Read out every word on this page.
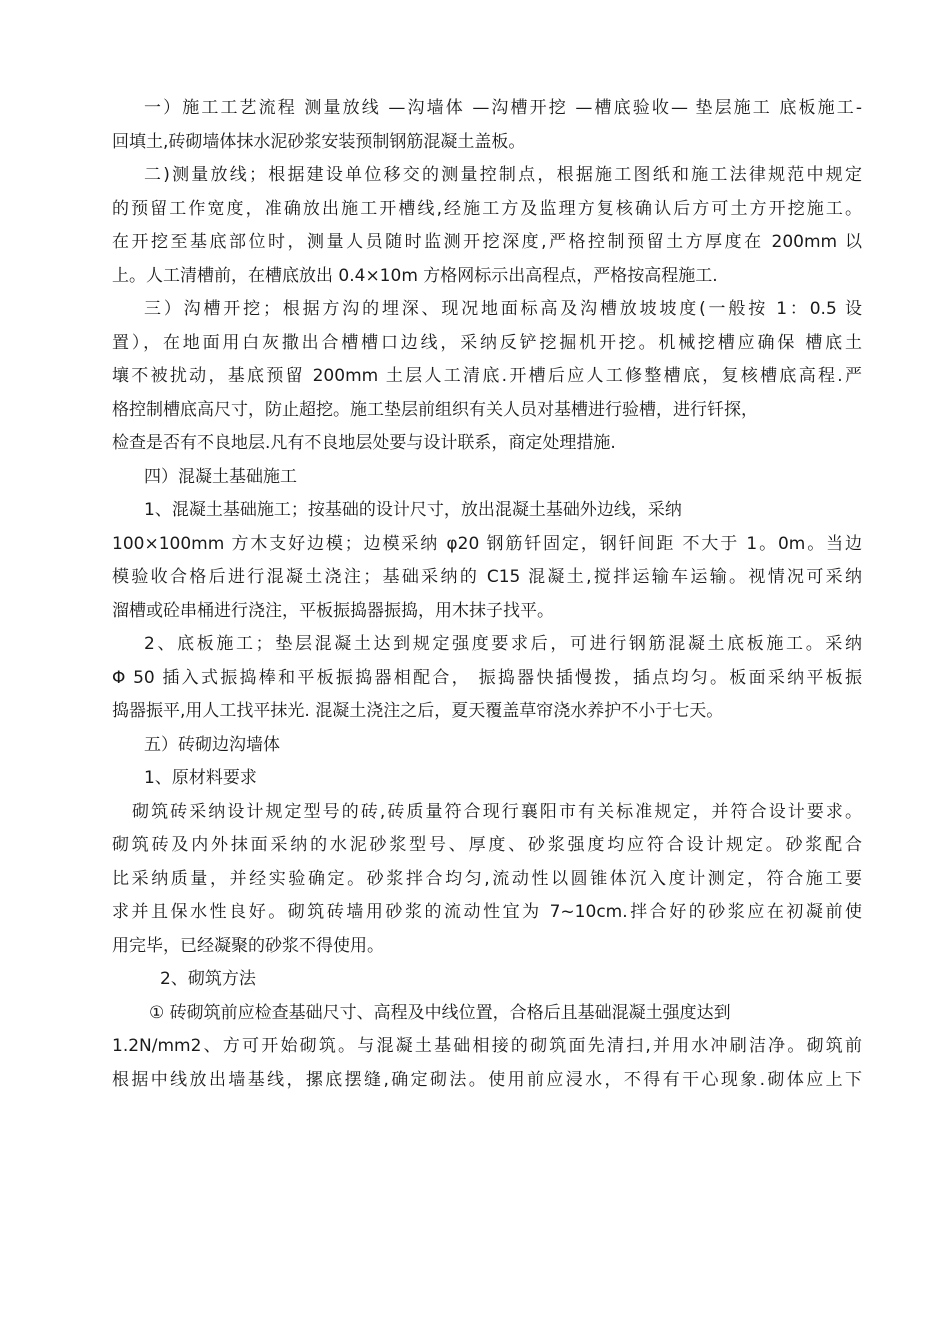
一）施工工艺流程 测量放线 —沟墙体 —沟槽开挖 —槽底验收— 垫层施工 底板施工-
回填土,砖砌墙体抹水泥砂浆安装预制钢筋混凝土盖板。
二)测量放线；根据建设单位移交的测量控制点，根据施工图纸和施工法律规范中规定
的预留工作宽度，准确放出施工开槽线,经施工方及监理方复核确认后方可土方开挖施工。
在开挖至基底部位时，测量人员随时监测开挖深度,严格控制预留土方厚度在 200mm 以
上。人工清槽前，在槽底放出 0.4×10m 方格网标示出高程点，严格按高程施工.
三）沟槽开挖；根据方沟的埋深、现况地面标高及沟槽放坡坡度(一般按 1：0.5 设
置），在地面用白灰撒出合槽槽口边线，采纳反铲挖掘机开挖。机械挖槽应确保 槽底土
壤不被扰动，基底预留 200mm 土层人工清底.开槽后应人工修整槽底，复核槽底高程.严
格控制槽底高尺寸，防止超挖。施工垫层前组织有关人员对基槽进行验槽，进行钎探，
检查是否有不良地层.凡有不良地层处要与设计联系，商定处理措施.
四）混凝土基础施工
1、混凝土基础施工；按基础的设计尺寸，放出混凝土基础外边线，采纳
100×100mm 方木支好边模；边模采纳 φ20 钢筋钎固定，钢钎间距 不大于 1。0m。当边
模验收合格后进行混凝土浇注；基础采纳的 C15 混凝土,搅拌运输车运输。视情况可采纳
溜槽或砼串桶进行浇注，平板振捣器振捣，用木抹子找平。
2、底板施工；垫层混凝土达到规定强度要求后，可进行钢筋混凝土底板施工。采纳
Φ 50 插入式振捣棒和平板振捣器相配合， 振捣器快插慢拨，插点均匀。板面采纳平板振
捣器振平,用人工找平抹光. 混凝土浇注之后，夏天覆盖草帘浇水养护不小于七天。
五）砖砌边沟墙体
1、原材料要求
砌筑砖采纳设计规定型号的砖,砖质量符合现行襄阳市有关标准规定，并符合设计要求。
砌筑砖及内外抹面采纳的水泥砂浆型号、厚度、砂浆强度均应符合设计规定。砂浆配合
比采纳质量，并经实验确定。砂浆拌合均匀,流动性以圆锥体沉入度计测定，符合施工要
求并且保水性良好。砌筑砖墙用砂浆的流动性宜为 7~10cm.拌合好的砂浆应在初凝前使
用完毕，已经凝聚的砂浆不得使用。
2、砌筑方法
① 砖砌筑前应检查基础尺寸、高程及中线位置，合格后且基础混凝土强度达到
1.2N/mm2、方可开始砌筑。与混凝土基础相接的砌筑面先清扫,并用水冲刷洁净。砌筑前
根据中线放出墙基线，摞底摆缝,确定砌法。使用前应浸水，不得有干心现象.砌体应上下
